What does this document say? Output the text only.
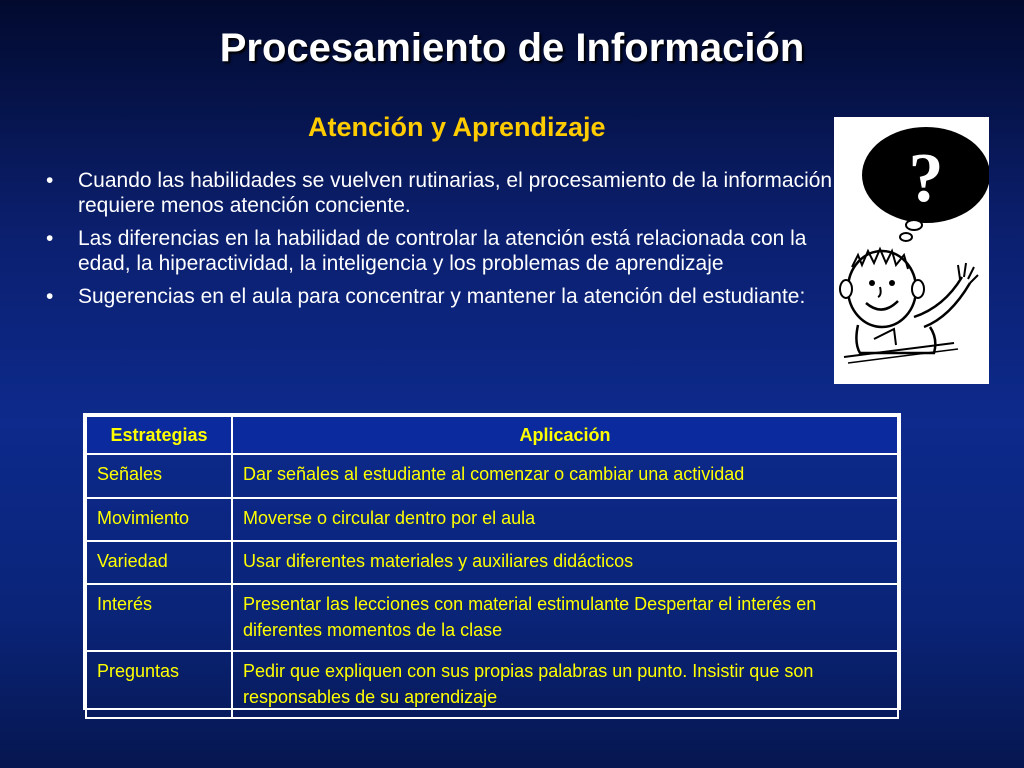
Procesamiento de Información
Atención y Aprendizaje
• Cuando las habilidades se vuelven rutinarias, el procesamiento de la información requiere menos atención conciente.
• Las diferencias en la habilidad de controlar la atención está relacionada con la edad, la hiperactividad, la inteligencia y los problemas de aprendizaje
• Sugerencias en el aula para concentrar y mantener la atención del estudiante:
?
Estrategias	Aplicación
Señales	Dar señales al estudiante al comenzar o cambiar una actividad
Movimiento	Moverse o circular dentro por el aula
Variedad	Usar diferentes materiales y auxiliares didácticos
Interés	Presentar las lecciones con material estimulante Despertar el interés en diferentes momentos de la clase
Preguntas	Pedir que expliquen con sus propias palabras un punto. Insistir que son responsables de su aprendizaje
